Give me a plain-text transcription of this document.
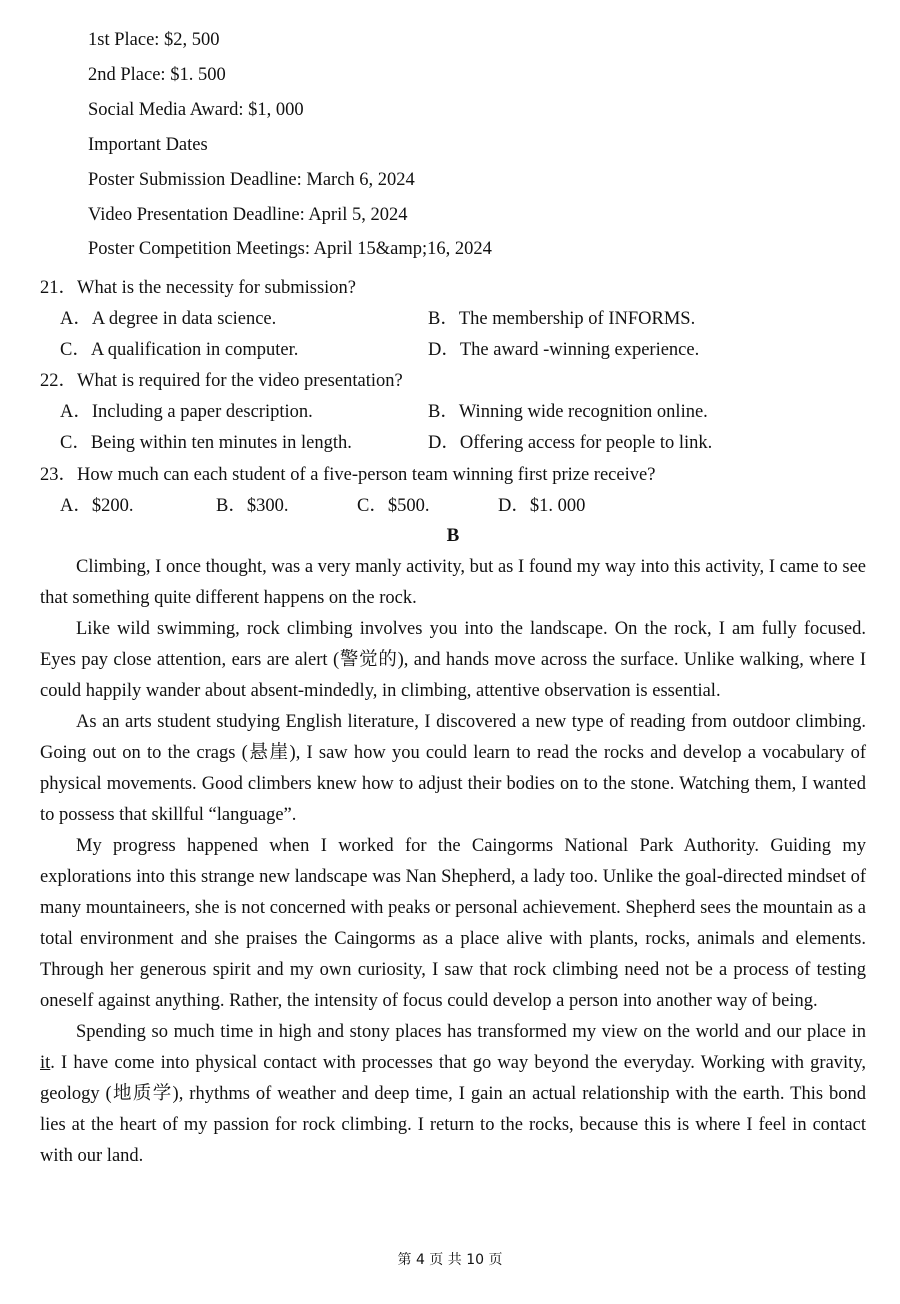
1st Place: $2, 500
2nd Place: $1. 500
Social Media Award: $1, 000
Important Dates
Poster Submission Deadline: March 6, 2024
Video Presentation Deadline: April 5, 2024
Poster Competition Meetings: April 15&amp;16, 2024
21．What is the necessity for submission?
A．A degree in data science.	B．The membership of INFORMS.
C．A qualification in computer.	D．The award -winning experience.
22．What is required for the video presentation?
A．Including a paper description.	B．Winning wide recognition online.
C．Being within ten minutes in length.	D．Offering access for people to link.
23．How much can each student of a five-person team winning first prize receive?
A．$200.	B．$300.	C．$500.	D．$1. 000
B

Climbing, I once thought, was a very manly activity, but as I found my way into this activity, I came to see that something quite different happens on the rock.

Like wild swimming, rock climbing involves you into the landscape. On the rock, I am fully focused. Eyes pay close attention, ears are alert (警觉的), and hands move across the surface. Unlike walking, where I could happily wander about absent-mindedly, in climbing, attentive observation is essential.

As an arts student studying English literature, I discovered a new type of reading from outdoor climbing. Going out on to the crags (悬崖), I saw how you could learn to read the rocks and develop a vocabulary of physical movements. Good climbers knew how to adjust their bodies on to the stone. Watching them, I wanted to possess that skillful “language”.

My progress happened when I worked for the Caingorms National Park Authority. Guiding my explorations into this strange new landscape was Nan Shepherd, a lady too. Unlike the goal-directed mindset of many mountaineers, she is not concerned with peaks or personal achievement. Shepherd sees the mountain as a total environment and she praises the Caingorms as a place alive with plants, rocks, animals and elements. Through her generous spirit and my own curiosity, I saw that rock climbing need not be a process of testing oneself against anything. Rather, the intensity of focus could develop a person into another way of being.

Spending so much time in high and stony places has transformed my view on the world and our place in it. I have come into physical contact with processes that go way beyond the everyday. Working with gravity, geology (地质学), rhythms of weather and deep time, I gain an actual relationship with the earth. This bond lies at the heart of my passion for rock climbing. I return to the rocks, because this is where I feel in contact with our land.

第 4 页 共 10 页
